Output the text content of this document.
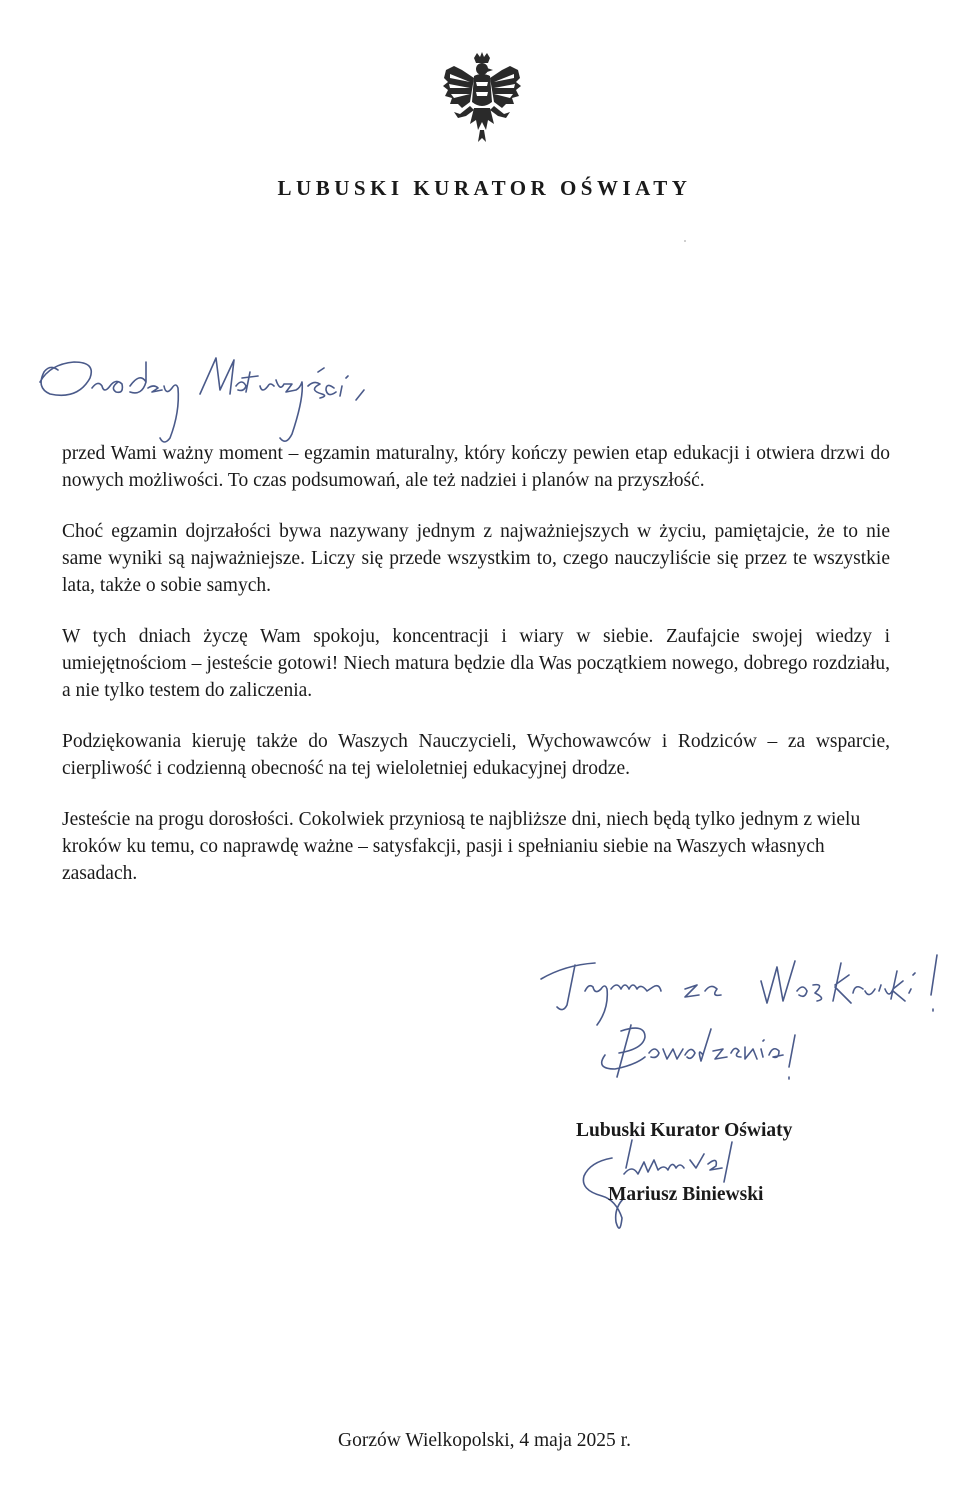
LUBUSKI KURATOR OŚWIATY

przed Wami ważny moment – egzamin maturalny, który kończy pewien etap edukacji i otwiera drzwi do nowych możliwości. To czas podsumowań, ale też nadziei i planów na przyszłość.

Choć egzamin dojrzałości bywa nazywany jednym z najważniejszych w życiu, pamiętajcie, że to nie same wyniki są najważniejsze. Liczy się przede wszystkim to, czego nauczyliście się przez te wszystkie lata, także o sobie samych.

W tych dniach życzę Wam spokoju, koncentracji i wiary w siebie. Zaufajcie swojej wiedzy i umiejętnościom – jesteście gotowi! Niech matura będzie dla Was początkiem nowego, dobrego rozdziału, a nie tylko testem do zaliczenia.

Podziękowania kieruję także do Waszych Nauczycieli, Wychowawców i Rodziców – za wsparcie, cierpliwość i codzienną obecność na tej wieloletniej edukacyjnej drodze.

Jesteście na progu dorosłości. Cokolwiek przyniosą te najbliższe dni, niech będą tylko jednym z wielu kroków ku temu, co naprawdę ważne – satysfakcji, pasji i spełnianiu siebie na Waszych własnych zasadach.

Lubuski Kurator Oświaty
Mariusz Biniewski
Gorzów Wielkopolski, 4 maja 2025 r.
